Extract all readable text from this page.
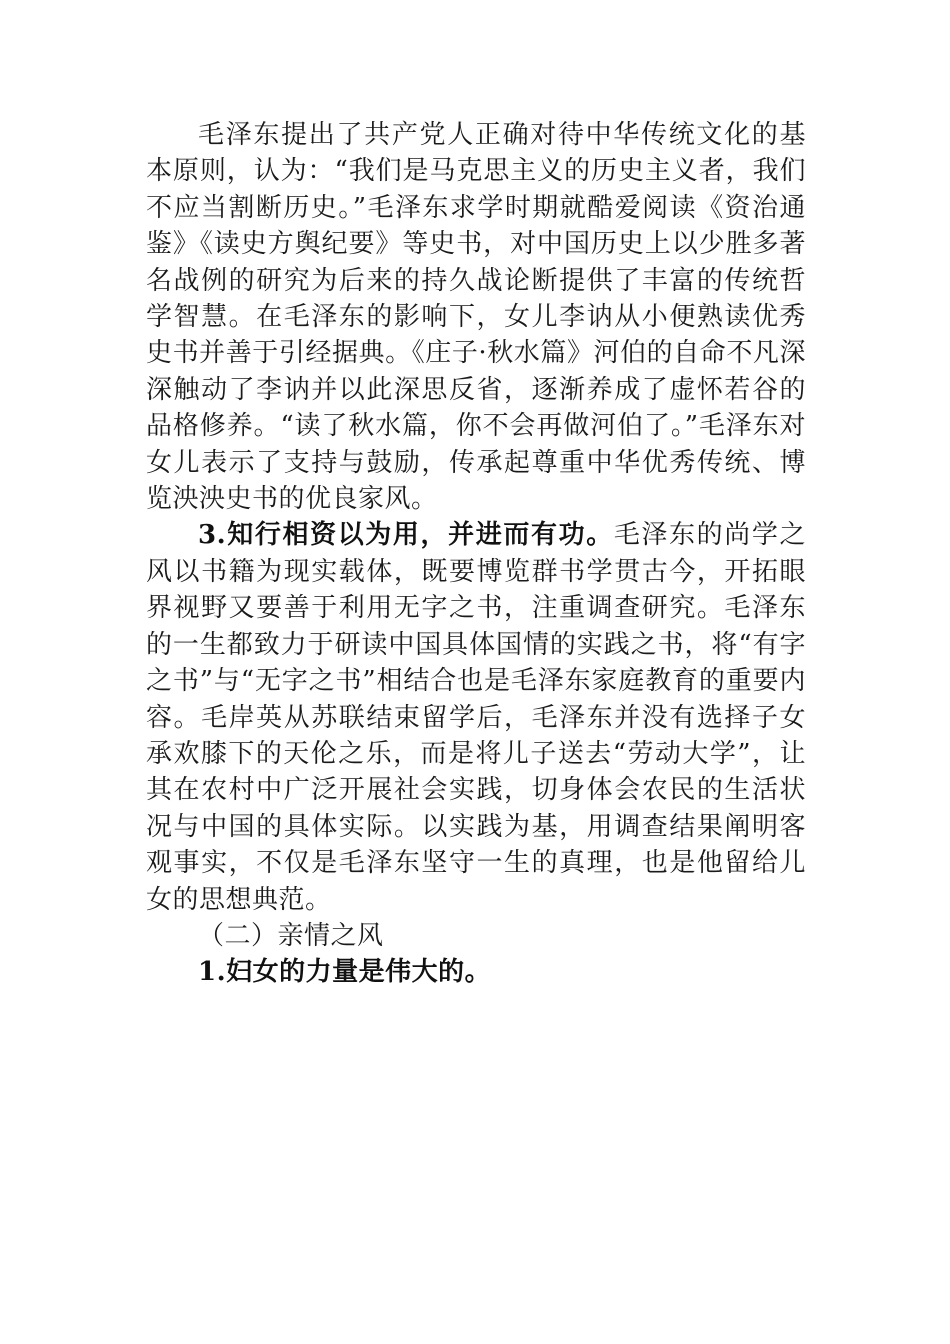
毛泽东提出了共产党人正确对待中华传统文化的基本原则，认为：“我们是马克思主义的历史主义者，我们不应当割断历史。”毛泽东求学时期就酷爱阅读《资治通鉴》《读史方舆纪要》等史书，对中国历史上以少胜多著名战例的研究为后来的持久战论断提供了丰富的传统哲学智慧。在毛泽东的影响下，女儿李讷从小便熟读优秀史书并善于引经据典。《庄子·秋水篇》河伯的自命不凡深深触动了李讷并以此深思反省，逐渐养成了虚怀若谷的品格修养。“读了秋水篇，你不会再做河伯了。”毛泽东对女儿表示了支持与鼓励，传承起尊重中华优秀传统、博览泱泱史书的优良家风。

3.知行相资以为用，并进而有功。毛泽东的尚学之风以书籍为现实载体，既要博览群书学贯古今，开拓眼界视野又要善于利用无字之书，注重调查研究。毛泽东的一生都致力于研读中国具体国情的实践之书，将“有字之书”与“无字之书”相结合也是毛泽东家庭教育的重要内容。毛岸英从苏联结束留学后，毛泽东并没有选择子女承欢膝下的天伦之乐，而是将儿子送去“劳动大学”，让其在农村中广泛开展社会实践，切身体会农民的生活状况与中国的具体实际。以实践为基，用调查结果阐明客观事实，不仅是毛泽东坚守一生的真理，也是他留给儿女的思想典范。

（二）亲情之风

1.妇女的力量是伟大的。
